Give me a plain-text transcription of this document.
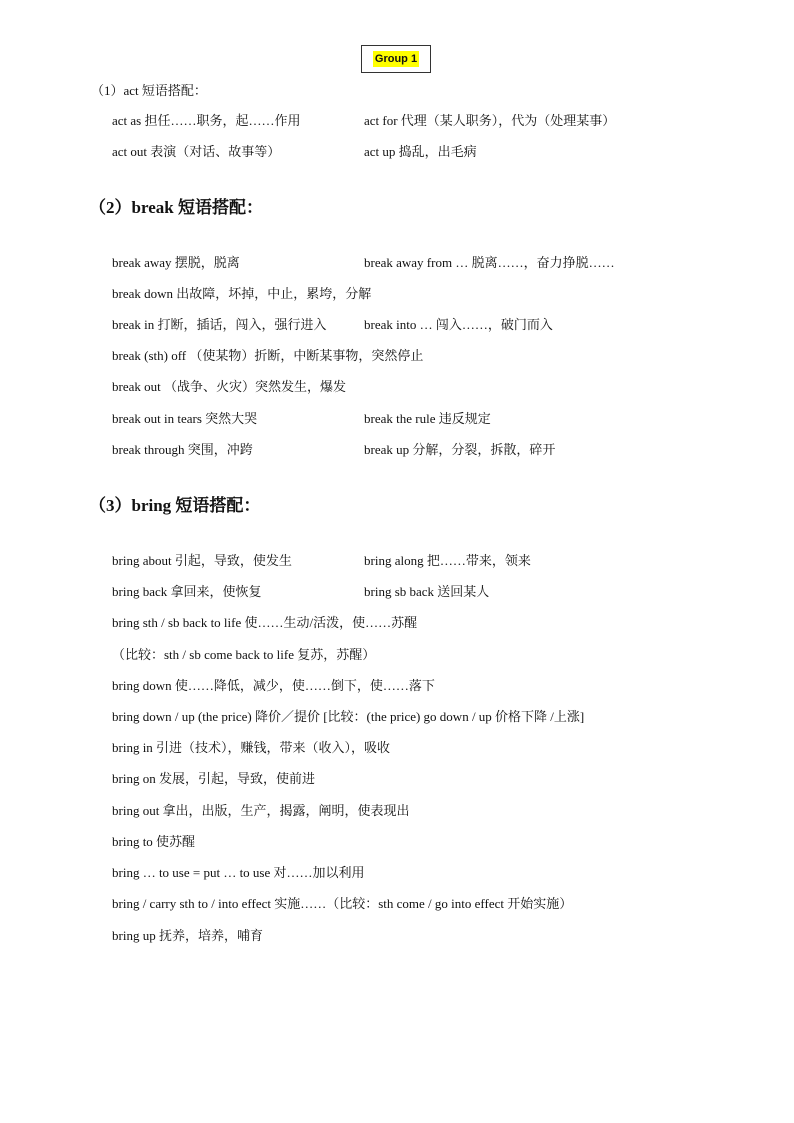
Group 1
（1）act 短语搭配：
act as 担任……职务，起……作用	act for 代理（某人职务），代为（处理某事）
act out 表演（对话、故事等）	act up 捣乱，出毛病
（2）break 短语搭配：
break away 摆脱，脱离	break away from … 脱离……，奋力挣脱……
break down 出故障，坏掉，中止，累垮，分解
break in 打断，插话，闯入，强行进入	break into … 闯入……，破门而入
break (sth) off （使某物）折断，中断某事物，突然停止
break out （战争、火灾）突然发生，爆发
break out in tears 突然大哭	break the rule 违反规定
break through 突围，冲跨	break up 分解，分裂，拆散，碎开
（3）bring 短语搭配：
bring about 引起，导致，使发生	bring along 把……带来，领来
bring back 拿回来，使恢复	bring sb back 送回某人
bring sth / sb back to life 使……生动/活泼，使……苏醒
（比较：sth / sb come back to life 复苏，苏醒）
bring down 使……降低，减少，使……倒下，使……落下
bring down / up (the price) 降价／提价 [比较：(the price) go down / up 价格下降 /上涨]
bring in 引进（技术），赚钱，带来（收入），吸收
bring on 发展，引起，导致，使前进
bring out 拿出，出版，生产，揭露，阐明，使表现出
bring to 使苏醒
bring … to use = put … to use 对……加以利用
bring / carry sth to / into effect 实施……（比较：sth come / go into effect 开始实施）
bring up 抚养，培养，哺育
